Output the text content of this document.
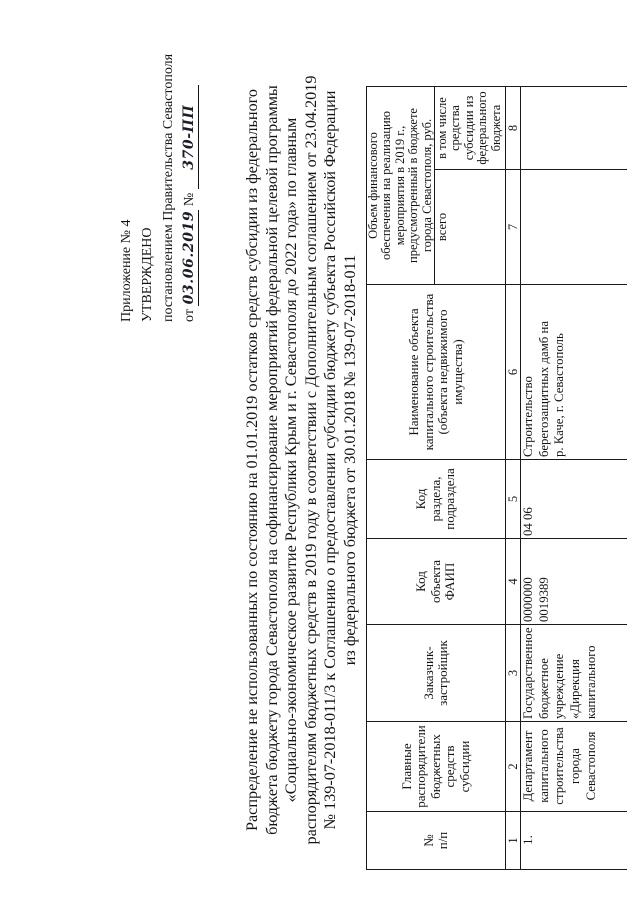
Приложение № 4 УТВЕРЖДЕНО постановлением Правительства Севастополя от 03.06.2019 № 370-ПП	Распределение не использованных по состоянию на 01.01.2019 остатков средств субсидии из федерального бюджета бюджету города Севастополя на софинансирование мероприятий федеральной целевой программы «Социально-экономическое развитие Республики Крым и г. Севастополя до 2022 года» по главным распорядителям бюджетных средств в 2019 году в соответствии с Дополнительным соглашением от 23.04.2019 № 139-07-2018-011/3 к Соглашению о предоставлении субсидии бюджету субъекта Российской Федерации из федерального бюджета от 30.01.2018 № 139-07-2018-011
№
п/п	Главные
распорядители
бюджетных
средств
субсидии	Заказчик-
застройщик	Код
объекта
ФАИП	Код
раздела,
подраздела	Наименование объекта
капитального строительства
(объекта недвижимого
имущества)	Объем финансового
обеспечения на реализацию
мероприятия в 2019 г.,
предусмотренный в бюджете
города Севастополя, руб.	
						всего	в том числе
средства
субсидии из
федерального
бюджета
1	2	3	4	5	6	7	8
1.	Департамент
капитального
строительства
города
Севастополя	Государственное
бюджетное
учреждение
«Дирекция
капитального	0000000
0019389	04 06	Строительство
берегозащитных дамб на
р. Каче, г. Севастополь		
